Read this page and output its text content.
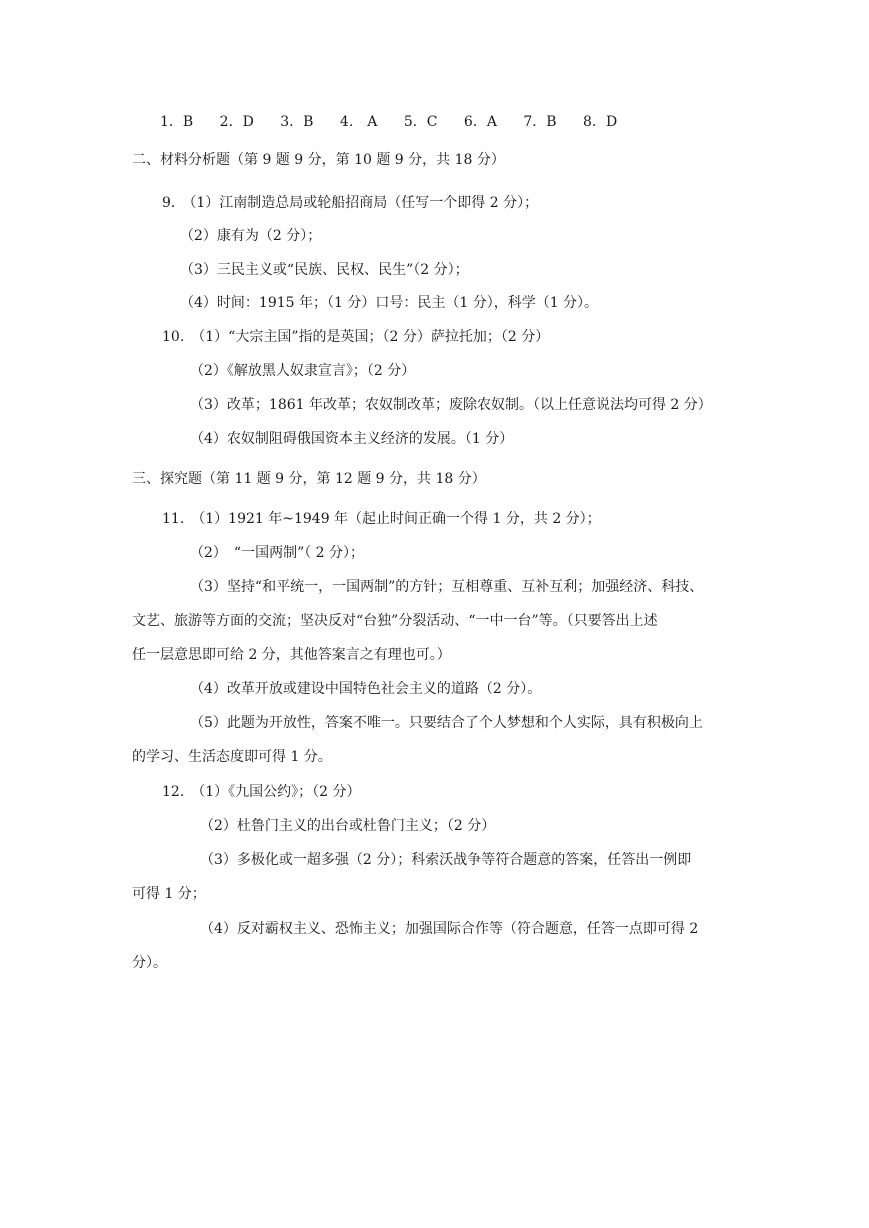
1．B 2．D 3．B 4.　A 5．C 6．A 7．B 8．D
二、材料分析题（第 9 题 9 分，第 10 题 9 分，共 18 分）
9.　（1）江南制造总局或轮船招商局（任写一个即得 2 分）；
（2）康有为（2 分）；
（3）三民主义或“民族、民权、民生”（2 分）；
（4）时间：1915 年；（1 分）口号：民主（1 分），科学（1 分）。
10.　（1）“大宗主国”指的是英国；（2 分）萨拉托加；（2 分）
（2）《解放黑人奴隶宣言》；（2 分）
（3）改革；1861 年改革；农奴制改革；废除农奴制。（以上任意说法均可得 2 分）
（4）农奴制阻碍俄国资本主义经济的发展。（1 分）
三、探究题（第 11 题 9 分，第 12 题 9 分，共 18 分）
11.　（1）1921 年~1949 年（起止时间正确一个得 1 分，共 2 分）；
（2）　“一国两制”（ 2 分）；
（3）坚持“和平统一，一国两制”的方针；互相尊重、互补互利；加强经济、科技、
文艺、旅游等方面的交流；坚决反对“台独”分裂活动、“一中一台”等。（只要答出上述
任一层意思即可给 2 分，其他答案言之有理也可。）
（4）改革开放或建设中国特色社会主义的道路（2 分）。
（5）此题为开放性，答案不唯一。只要结合了个人梦想和个人实际，具有积极向上
的学习、生活态度即可得 1 分。
12.　（1）《九国公约》；（2 分）
（2）杜鲁门主义的出台或杜鲁门主义；（2 分）
（3）多极化或一超多强（2 分）；科索沃战争等符合题意的答案，任答出一例即
可得 1 分；
（4）反对霸权主义、恐怖主义；加强国际合作等（符合题意，任答一点即可得 2
分）。
